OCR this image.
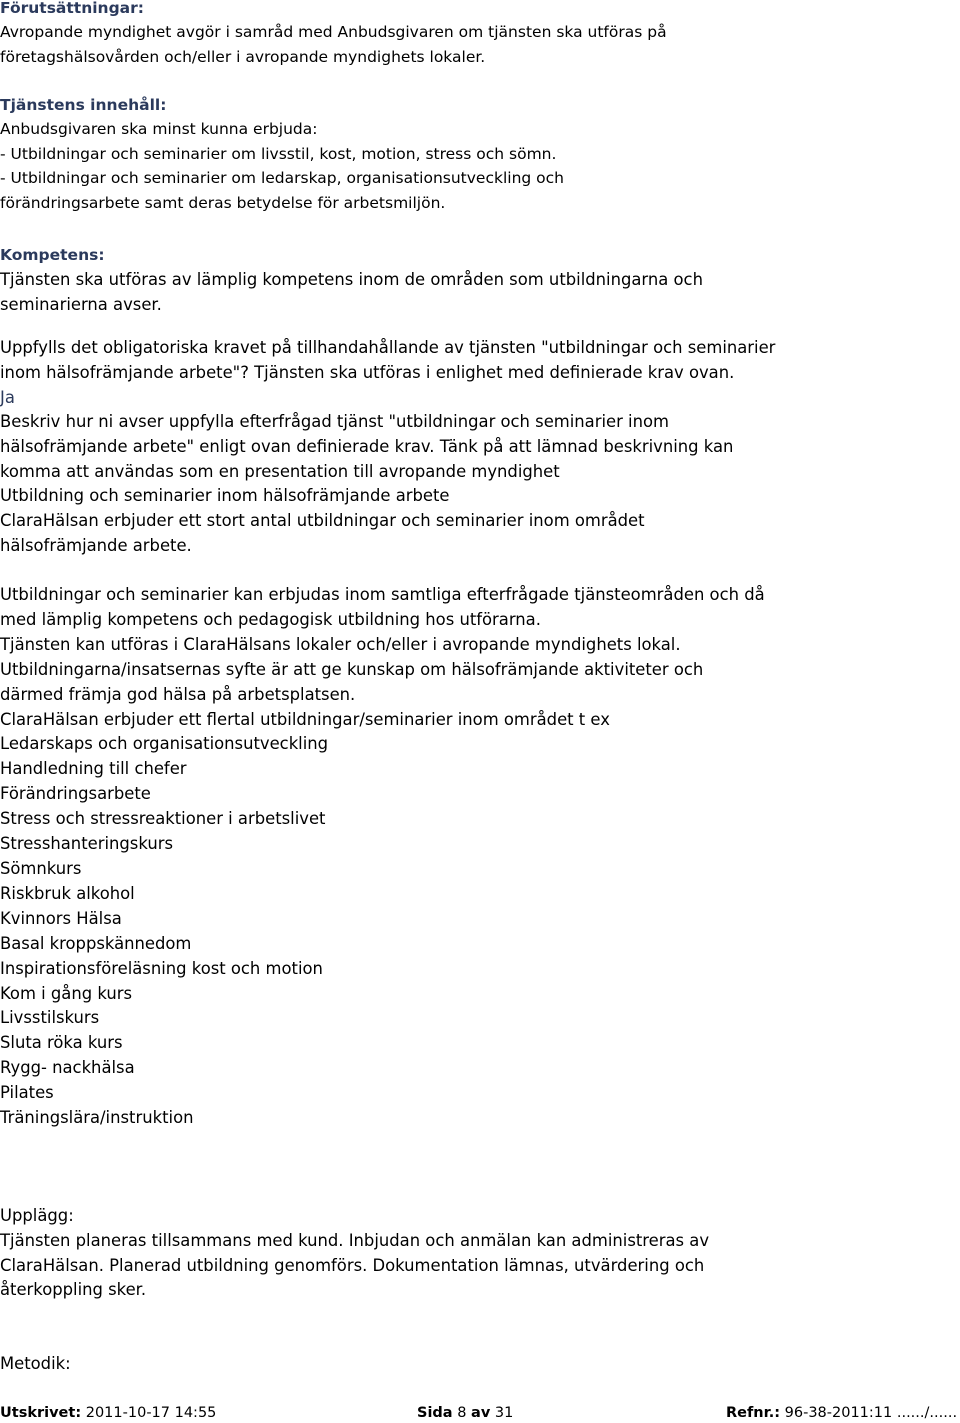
Förutsättningar:

Avropande myndighet avgör i samråd med Anbudsgivaren om tjänsten ska utföras på

företagshälsovården och/eller i avropande myndighets lokaler.

Tjänstens innehåll:

Anbudsgivaren ska minst kunna erbjuda:

- Utbildningar och seminarier om livsstil, kost, motion, stress och sömn.

- Utbildningar och seminarier om ledarskap, organisationsutveckling och

förändringsarbete samt deras betydelse för arbetsmiljön.

Kompetens:

Tjänsten ska utföras av lämplig kompetens inom de områden som utbildningarna och

seminarierna avser.

Uppfylls det obligatoriska kravet på tillhandahållande av tjänsten "utbildningar och seminarier

inom hälsofrämjande arbete"? Tjänsten ska utföras i enlighet med definierade krav ovan.

Ja

Beskriv hur ni avser uppfylla efterfrågad tjänst "utbildningar och seminarier inom

hälsofrämjande arbete" enligt ovan definierade krav. Tänk på att lämnad beskrivning kan

komma att användas som en presentation till avropande myndighet

Utbildning och seminarier inom hälsofrämjande arbete

ClaraHälsan erbjuder ett stort antal utbildningar och seminarier inom området

hälsofrämjande arbete.

Utbildningar och seminarier kan erbjudas inom samtliga efterfrågade tjänsteområden och då

med lämplig kompetens och pedagogisk utbildning hos utförarna.

Tjänsten kan utföras i ClaraHälsans lokaler och/eller i avropande myndighets lokal.

Utbildningarna/insatsernas syfte är att ge kunskap om hälsofrämjande aktiviteter och

därmed främja god hälsa på arbetsplatsen.

ClaraHälsan erbjuder ett flertal utbildningar/seminarier inom området t ex

Ledarskaps och organisationsutveckling

Handledning till chefer

Förändringsarbete

Stress och stressreaktioner i arbetslivet

Stresshanteringskurs

Sömnkurs

Riskbruk alkohol

Kvinnors Hälsa

Basal kroppskännedom

Inspirationsföreläsning kost och motion

Kom i gång kurs

Livsstilskurs

Sluta röka kurs

Rygg- nackhälsa

Pilates

Träningslära/instruktion

Upplägg:

Tjänsten planeras tillsammans med kund. Inbjudan och anmälan kan administreras av

ClaraHälsan. Planerad utbildning genomförs. Dokumentation lämnas, utvärdering och

återkoppling sker.

Metodik:

Utskrivet: 2011-10-17 14:55	Sida 8 av 31	Refnr.: 96-38-2011:11 ....../......
